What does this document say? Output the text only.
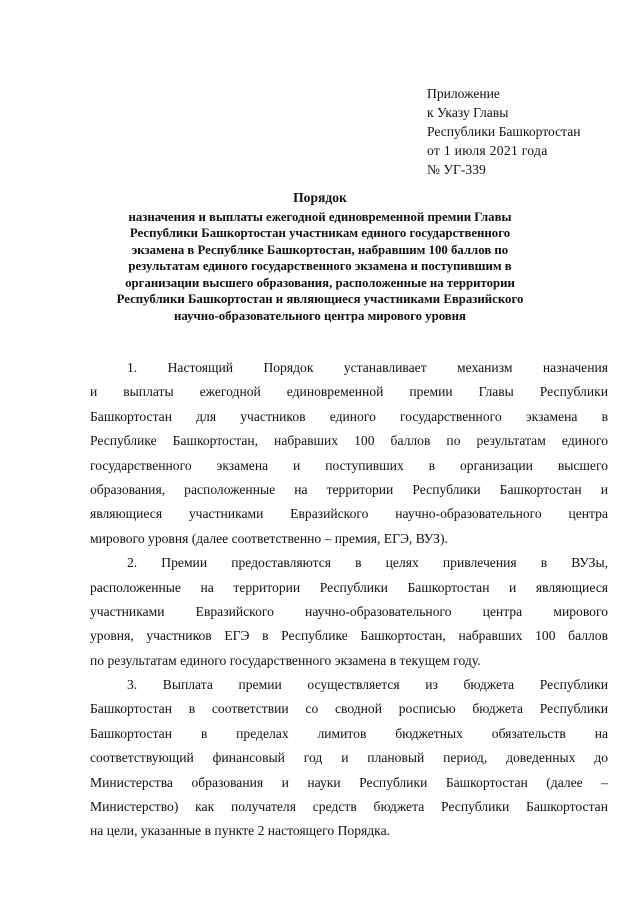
Приложение
к Указу Главы
Республики Башкортостан
от 1 июля 2021 года
№ УГ-339
Порядок
назначения и выплаты ежегодной единовременной премии Главы
Республики Башкортостан участникам единого государственного
экзамена в Республике Башкортостан, набравшим 100 баллов по
результатам единого государственного экзамена и поступившим в
организации высшего образования, расположенные на территории
Республики Башкортостан и являющиеся участниками Евразийского
научно-образовательного центра мирового уровня
1. Настоящий Порядок устанавливает механизм назначения
и выплаты ежегодной единовременной премии Главы Республики
Башкортостан для участников единого государственного экзамена в
Республике Башкортостан, набравших 100 баллов по результатам единого
государственного экзамена и поступивших в организации высшего
образования, расположенные на территории Республики Башкортостан и
являющиеся участниками Евразийского научно-образовательного центра
мирового уровня (далее соответственно – премия, ЕГЭ, ВУЗ).
2. Премии предоставляются в целях привлечения в ВУЗы,
расположенные на территории Республики Башкортостан и являющиеся
участниками Евразийского научно-образовательного центра мирового
уровня, участников ЕГЭ в Республике Башкортостан, набравших 100 баллов
по результатам единого государственного экзамена в текущем году.
3. Выплата премии осуществляется из бюджета Республики
Башкортостан в соответствии со сводной росписью бюджета Республики
Башкортостан в пределах лимитов бюджетных обязательств на
соответствующий финансовый год и плановый период, доведенных до
Министерства образования и науки Республики Башкортостан (далее –
Министерство) как получателя средств бюджета Республики Башкортостан
на цели, указанные в пункте 2 настоящего Порядка.
